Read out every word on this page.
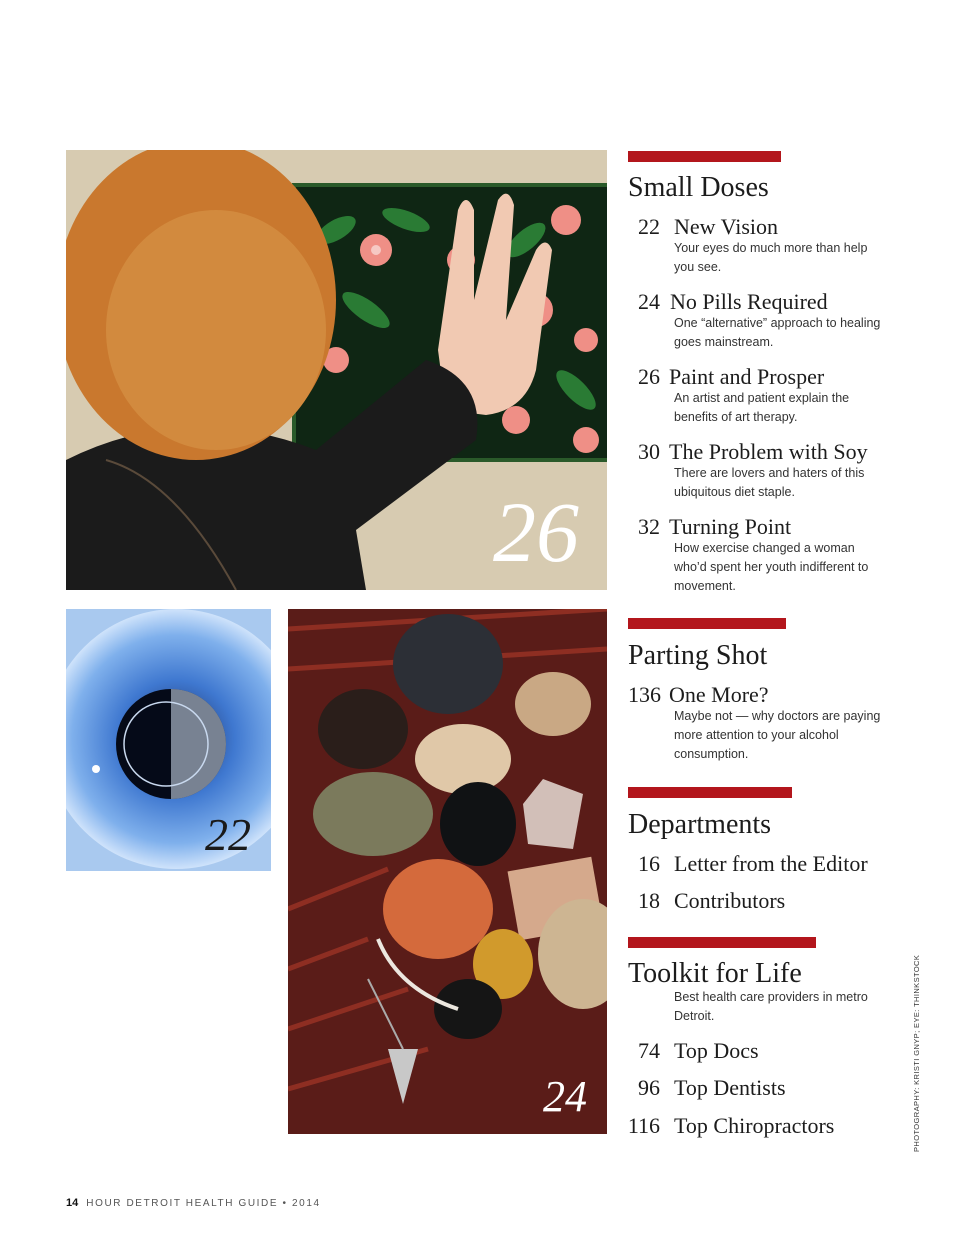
26
22
24
Small Doses
22 New Vision
Your eyes do much more than help you see.
24 No Pills Required
One “alternative” approach to healing goes mainstream.
26 Paint and Prosper
An artist and patient explain the benefits of art therapy.
30 The Problem with Soy
There are lovers and haters of this ubiquitous diet staple.
32 Turning Point
How exercise changed a woman who’d spent her youth indifferent to movement.
Parting Shot
136 One More?
Maybe not — why doctors are paying more attention to your alcohol consumption.
Departments
16 Letter from the Editor
18 Contributors
Toolkit for Life
Best health care providers in metro Detroit.
74 Top Docs
96 Top Dentists
116 Top Chiropractors	PHOTOGRAPHY: KRISTI GNYP; EYE: THINKSTOCK
14 HOUR DETROIT HEALTH GUIDE • 2014
